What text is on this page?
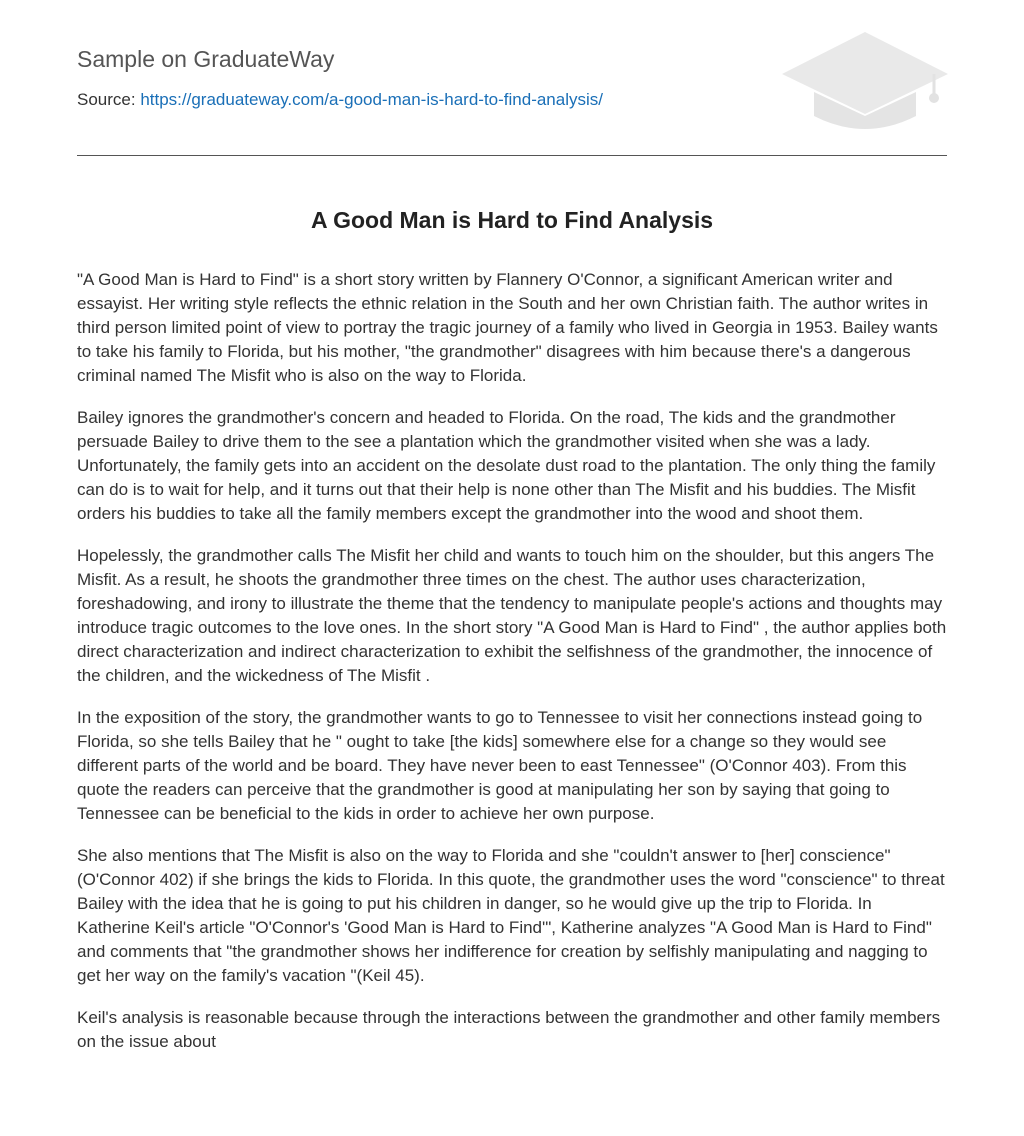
Sample on GraduateWay
Source: https://graduateway.com/a-good-man-is-hard-to-find-analysis/
A Good Man is Hard to Find Analysis

"A Good Man is Hard to Find" is a short story written by Flannery O'Connor, a significant American writer and essayist. Her writing style reflects the ethnic relation in the South and her own Christian faith. The author writes in third person limited point of view to portray the tragic journey of a family who lived in Georgia in 1953. Bailey wants to take his family to Florida, but his mother, "the grandmother" disagrees with him because there's a dangerous criminal named The Misfit who is also on the way to Florida.

Bailey ignores the grandmother's concern and headed to Florida. On the road, The kids and the grandmother persuade Bailey to drive them to the see a plantation which the grandmother visited when she was a lady. Unfortunately, the family gets into an accident on the desolate dust road to the plantation. The only thing the family can do is to wait for help, and it turns out that their help is none other than The Misfit and his buddies. The Misfit orders his buddies to take all the family members except the grandmother into the wood and shoot them.

Hopelessly, the grandmother calls The Misfit her child and wants to touch him on the shoulder, but this angers The Misfit. As a result, he shoots the grandmother three times on the chest. The author uses characterization, foreshadowing, and irony to illustrate the theme that the tendency to manipulate people's actions and thoughts may introduce tragic outcomes to the love ones. In the short story "A Good Man is Hard to Find" , the author applies both direct characterization and indirect characterization to exhibit the selfishness of the grandmother, the innocence of the children, and the wickedness of The Misfit .

In the exposition of the story, the grandmother wants to go to Tennessee to visit her connections instead going to Florida, so she tells Bailey that he " ought to take [the kids] somewhere else for a change so they would see different parts of the world and be board. They have never been to east Tennessee" (O'Connor 403). From this quote the readers can perceive that the grandmother is good at manipulating her son by saying that going to Tennessee can be beneficial to the kids in order to achieve her own purpose.

She also mentions that The Misfit is also on the way to Florida and she "couldn't answer to [her] conscience" (O'Connor 402) if she brings the kids to Florida. In this quote, the grandmother uses the word "conscience" to threat Bailey with the idea that he is going to put his children in danger, so he would give up the trip to Florida. In Katherine Keil's article "O'Connor's 'Good Man is Hard to Find'", Katherine analyzes "A Good Man is Hard to Find" and comments that "the grandmother shows her indifference for creation by selfishly manipulating and nagging to get her way on the family's vacation "(Keil 45).

Keil's analysis is reasonable because through the interactions between the grandmother and other family members on the issue about
